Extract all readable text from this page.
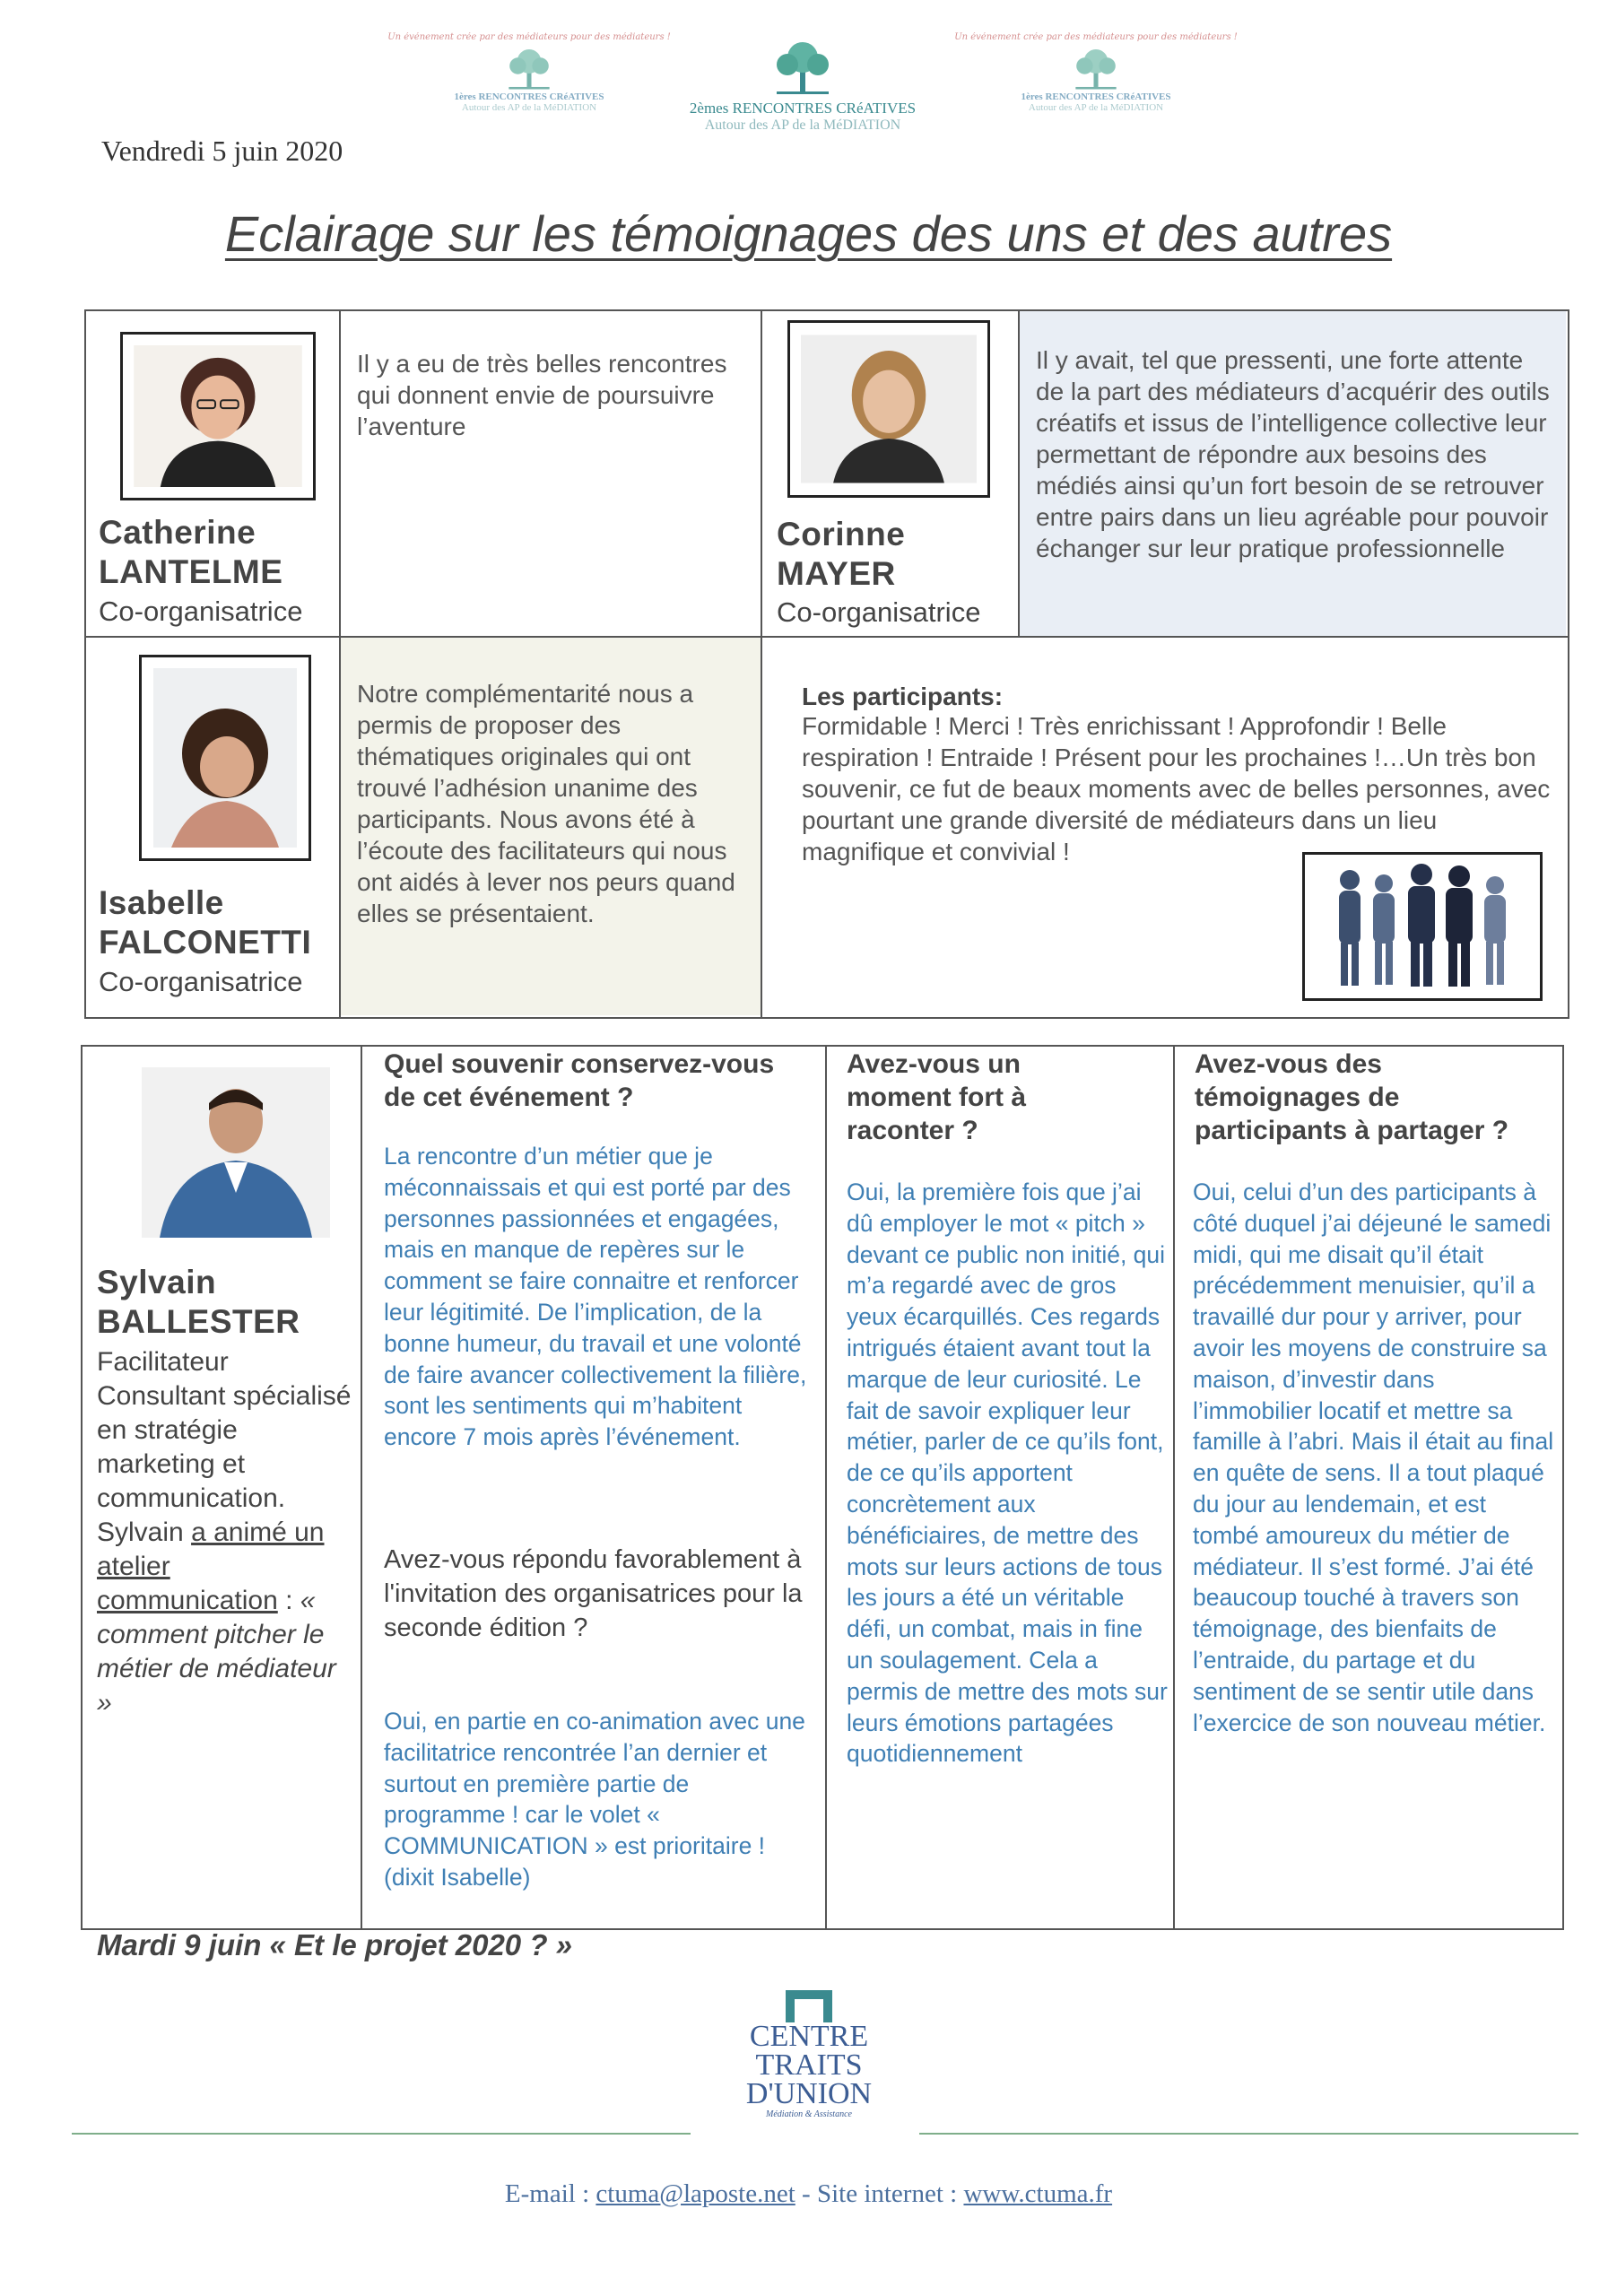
Un événement crée par des médiateurs pour des médiateurs !
1ères RENCONTRES CRéATIVES
Autour des AP de la MéDIATION	2èmes RENCONTRES CRéATIVES
Autour des AP de la MéDIATION
Un événement crée par des médiateurs pour des médiateurs !
1ères RENCONTRES CRéATIVES
Autour des AP de la MéDIATION
Vendredi 5 juin 2020
Eclairage sur les témoignages des uns et des autres
Catherine
LANTELME
Co-organisatrice
Il y a eu de très belles rencontres qui donnent envie de poursuivre l’aventure
Corinne
MAYER
Co-organisatrice
Il y avait, tel que pressenti, une forte attente de la part des médiateurs d’acquérir des outils créatifs et issus de l’intelligence collective leur permettant de répondre aux besoins des médiés ainsi qu’un fort besoin de se retrouver entre pairs dans un lieu agréable pour pouvoir échanger sur leur pratique professionnelle
Isabelle
FALCONETTI
Co-organisatrice
Notre complémentarité nous a permis de proposer des thématiques originales qui ont trouvé l’adhésion unanime des participants. Nous avons été à l’écoute des facilitateurs qui nous ont aidés à lever nos peurs quand elles se présentaient.
Les participants:
Formidable ! Merci ! Très enrichissant ! Approfondir ! Belle respiration ! Entraide ! Présent pour les prochaines !…Un très bon souvenir, ce fut de beaux moments avec de belles personnes, avec pourtant une grande diversité de médiateurs dans un lieu magnifique et convivial !
Sylvain
BALLESTER
Facilitateur Consultant spécialisé en stratégie marketing et communication. Sylvain a animé un atelier communication : « comment pitcher le métier de médiateur »
Quel souvenir conservez-vous de cet événement ?
La rencontre d’un métier que je méconnaissais et qui est porté par des personnes passionnées et engagées, mais en manque de repères sur le comment se faire connaitre et renforcer leur légitimité. De l’implication, de la bonne humeur, du travail et une volonté de faire avancer collectivement la filière, sont les sentiments qui m’habitent encore 7 mois après l’événement.
Avez-vous répondu favorablement à l'invitation des organisatrices pour la seconde édition ?
Oui, en partie en co-animation avec une facilitatrice rencontrée l’an dernier et surtout en première partie de programme ! car le volet « COMMUNICATION » est prioritaire ! (dixit Isabelle)
Avez-vous un moment fort à raconter ?
Oui, la première fois que j’ai dû employer le mot « pitch » devant ce public non initié, qui m’a regardé avec de gros yeux écarquillés. Ces regards intrigués étaient avant tout la marque de leur curiosité. Le fait de savoir expliquer leur métier, parler de ce qu’ils font, de ce qu’ils apportent concrètement aux bénéficiaires, de mettre des mots sur leurs actions de tous les jours a été un véritable défi, un combat, mais in fine un soulagement. Cela a permis de mettre des mots sur leurs émotions partagées quotidiennement
Avez-vous des témoignages de participants à partager ?
Oui, celui d’un des participants à côté duquel j’ai déjeuné le samedi midi, qui me disait qu’il était précédemment menuisier, qu’il a travaillé dur pour y arriver, pour avoir les moyens de construire sa maison, d’investir dans l’immobilier locatif et mettre sa famille à l’abri. Mais il était au final en quête de sens. Il a tout plaqué du jour au lendemain, et est tombé amoureux du métier de médiateur. Il s’est formé. J’ai été beaucoup touché à travers son témoignage, des bienfaits de l’entraide, du partage et du sentiment de se sentir utile dans l’exercice de son nouveau métier.
Mardi 9 juin « Et le projet 2020 ? »
CENTRE
TRAITS
D'UNION
Médiation & Assistance
E-mail : ctuma@laposte.net - Site internet : www.ctuma.fr
